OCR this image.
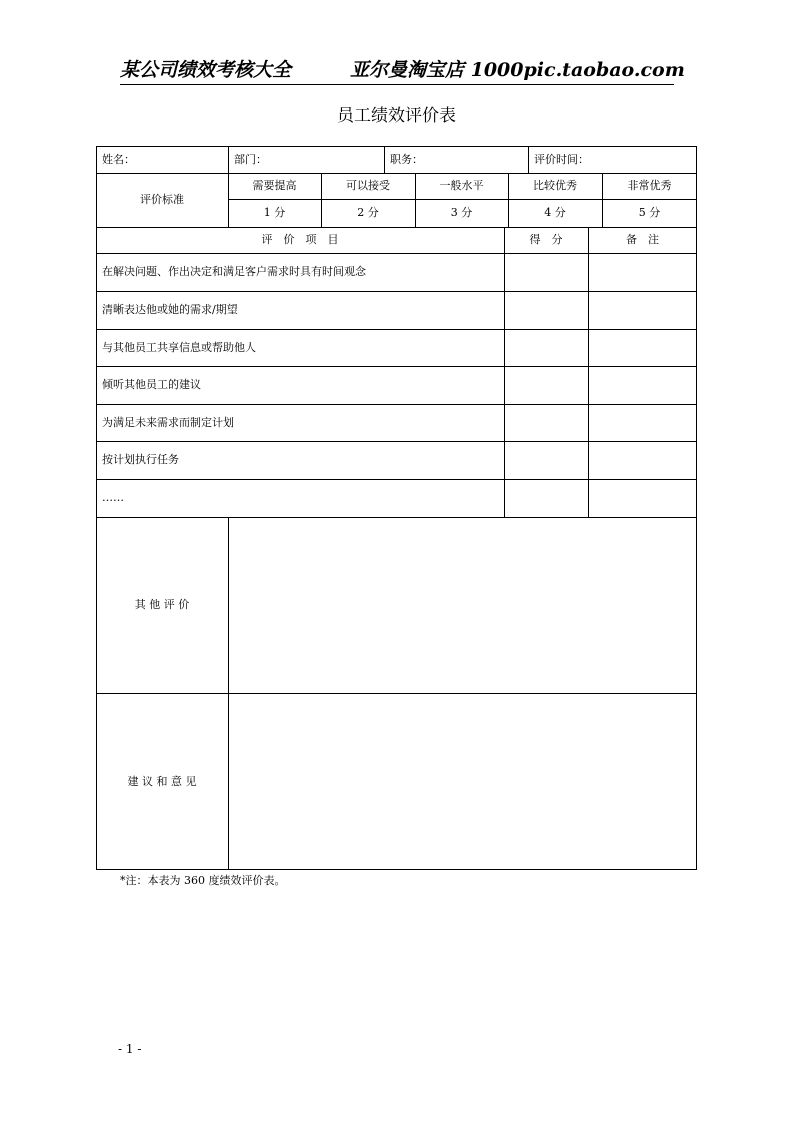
某公司绩效考核大全	亚尔曼淘宝店 1000pic.taobao.com
员工绩效评价表
姓名：	部门：	职务：	评价时间：
评价标准
需要提高	可以接受	一般水平	比较优秀	非常优秀
1 分	2 分	3 分	4 分	5 分
评　价　项　目	得　分	备　注
在解决问题、作出决定和满足客户需求时具有时间观念
清晰表达他或她的需求/期望
与其他员工共享信息或帮助他人
倾听其他员工的建议
为满足未来需求而制定计划
按计划执行任务
……
其 他 评 价
建 议 和 意 见
*注：本表为 360 度绩效评价表。
- 1 -
